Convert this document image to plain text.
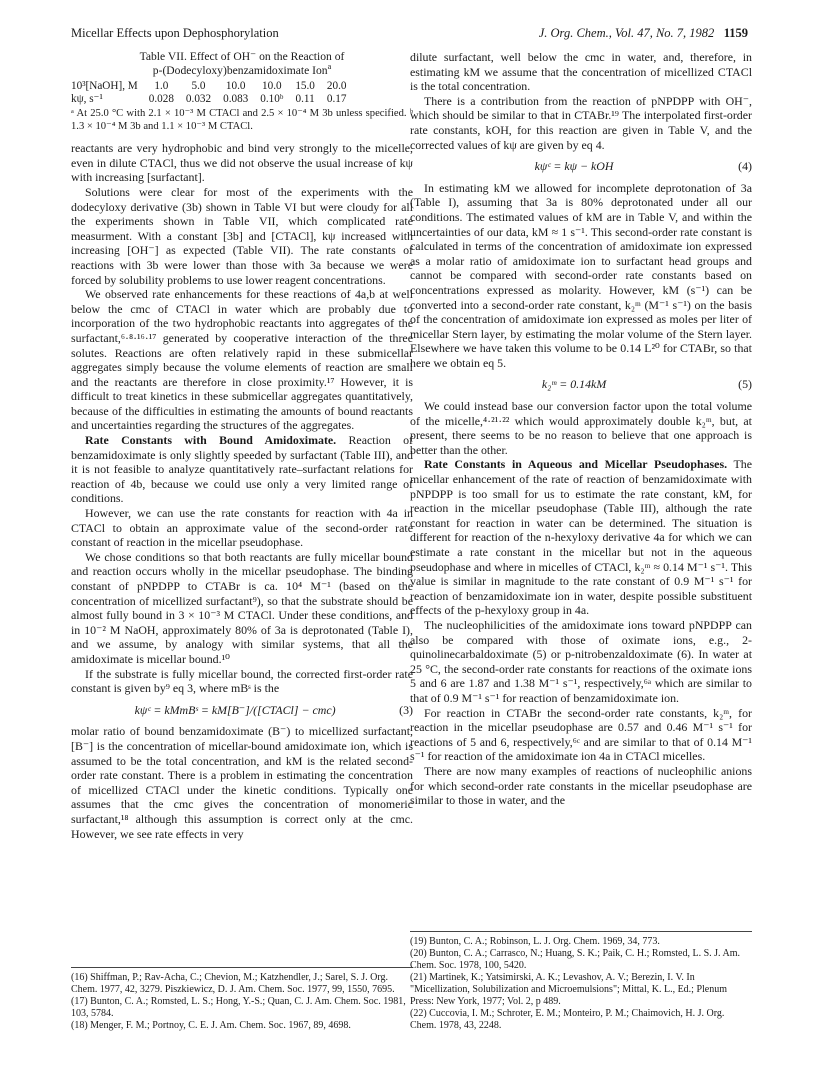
Micellar Effects upon Dephosphorylation	J. Org. Chem., Vol. 47, No. 7, 1982 1159
Table VII. Effect of OH⁻ on the Reaction of
p-(Dodecyloxy)benzamidoximate Ion$^a$
10³[NaOH], M	1.0	5.0	10.0	10.0	15.0	20.0
kψ, s⁻¹	0.028	0.032	0.083	0.10ᵇ	0.11	0.17
ᵃ At 25.0 °C with 2.1 × 10⁻³ M CTACl and 2.5 × 10⁻⁴ M 3b unless specified. ᵇ 1.3 × 10⁻⁴ M 3b and 1.1 × 10⁻³ M CTACl.

reactants are very hydrophobic and bind very strongly to the micelle, even in dilute CTACl, thus we did not observe the usual increase of kψ with increasing [surfactant].

Solutions were clear for most of the experiments with the dodecyloxy derivative (3b) shown in Table VI but were cloudy for all the experiments shown in Table VII, which complicated rate measurment. With a constant [3b] and [CTACl], kψ increased with increasing [OH⁻] as expected (Table VII). The rate constants of reactions with 3b were lower than those with 3a because we were forced by solubility problems to use lower reagent concentrations.

We observed rate enhancements for these reactions of 4a,b at well below the cmc of CTACl in water which are probably due to incorporation of the two hydrophobic reactants into aggregates of the surfactant,⁶·⁸·¹⁶·¹⁷ generated by cooperative interaction of the three solutes. Reactions are often relatively rapid in these submicellar aggregates simply because the volume elements of reaction are small and the reactants are therefore in close proximity.¹⁷ However, it is difficult to treat kinetics in these submicellar aggregates quantitatively, because of the difficulties in estimating the amounts of bound reactants and uncertainties regarding the structures of the aggregates.

Rate Constants with Bound Amidoximate. Reaction of benzamidoximate is only slightly speeded by surfactant (Table III), and it is not feasible to analyze quantitatively rate–surfactant relations for reaction of 4b, because we could use only a very limited range of conditions.

However, we can use the rate constants for reaction with 4a in CTACl to obtain an approximate value of the second-order rate constant of reaction in the micellar pseudophase.

We chose conditions so that both reactants are fully micellar bound and reaction occurs wholly in the micellar pseudophase. The binding constant of pNPDPP to CTABr is ca. 10⁴ M⁻¹ (based on the concentration of micellized surfactant⁹), so that the substrate should be almost fully bound in 3 × 10⁻³ M CTACl. Under these conditions, and in 10⁻² M NaOH, approximately 80% of 3a is deprotonated (Table I), and we assume, by analogy with similar systems, that all the amidoximate is micellar bound.¹⁰

If the substrate is fully micellar bound, the corrected first-order rate constant is given by⁹ eq 3, where mBˢ is the

kψᶜ = kMmBˢ = kM[B⁻]/([CTACl] − cmc)	(3)

molar ratio of bound benzamidoximate (B⁻) to micellized surfactant, [B⁻] is the concentration of micellar-bound amidoximate ion, which is assumed to be the total concentration, and kM is the related second-order rate constant. There is a problem in estimating the concentration of micellized CTACl under the kinetic conditions. Typically one assumes that the cmc gives the concentration of monomeric surfactant,¹⁸ although this assumption is correct only at the cmc. However, we see rate effects in very

dilute surfactant, well below the cmc in water, and, therefore, in estimating kM we assume that the concentration of micellized CTACl is the total concentration.

There is a contribution from the reaction of pNPDPP with OH⁻, which should be similar to that in CTABr.¹⁹ The interpolated first-order rate constants, kOH, for this reaction are given in Table V, and the corrected values of kψ are given by eq 4.

kψᶜ = kψ − kOH	(4)

In estimating kM we allowed for incomplete deprotonation of 3a (Table I), assuming that 3a is 80% deprotonated under all our conditions. The estimated values of kM are in Table V, and within the uncertainties of our data, kM ≈ 1 s⁻¹. This second-order rate constant is calculated in terms of the concentration of amidoximate ion expressed as a molar ratio of amidoximate ion to surfactant head groups and cannot be compared with second-order rate constants based on concentrations expressed as molarity. However, kM (s⁻¹) can be converted into a second-order rate constant, k₂ᵐ (M⁻¹ s⁻¹) on the basis of the concentration of amidoximate ion expressed as moles per liter of micellar Stern layer, by estimating the molar volume of the Stern layer. Elsewhere we have taken this volume to be 0.14 L²⁰ for CTABr, so that here we obtain eq 5.

k₂ᵐ = 0.14kM	(5)

We could instead base our conversion factor upon the total volume of the micelle,⁴·²¹·²² which would approximately double k₂ᵐ, but, at present, there seems to be no reason to believe that one approach is better than the other.

Rate Constants in Aqueous and Micellar Pseudophases. The micellar enhancement of the rate of reaction of benzamidoximate with pNPDPP is too small for us to estimate the rate constant, kM, for reaction in the micellar pseudophase (Table III), although the rate constant for reaction in water can be determined. The situation is different for reaction of the n-hexyloxy derivative 4a for which we can estimate a rate constant in the micellar but not in the aqueous pseudophase and where in micelles of CTACl, k₂ᵐ ≈ 0.14 M⁻¹ s⁻¹. This value is similar in magnitude to the rate constant of 0.9 M⁻¹ s⁻¹ for reaction of benzamidoximate ion in water, despite possible substituent effects of the p-hexyloxy group in 4a.

The nucleophilicities of the amidoximate ions toward pNPDPP can also be compared with those of oximate ions, e.g., 2-quinolinecarbaldoximate (5) or p-nitrobenzaldoximate (6). In water at 25 °C, the second-order rate constants for reactions of the oximate ions 5 and 6 are 1.87 and 1.38 M⁻¹ s⁻¹, respectively,⁶ᵃ which are similar to that of 0.9 M⁻¹ s⁻¹ for reaction of benzamidoximate ion.

For reaction in CTABr the second-order rate constants, k₂ᵐ, for reaction in the micellar pseudophase are 0.57 and 0.46 M⁻¹ s⁻¹ for reactions of 5 and 6, respectively,⁶ᶜ and are similar to that of 0.14 M⁻¹ s⁻¹ for reaction of the amidoximate ion 4a in CTACl micelles.

There are now many examples of reactions of nucleophilic anions for which second-order rate constants in the micellar pseudophase are similar to those in water, and the

(16) Shiffman, P.; Rav-Acha, C.; Chevion, M.; Katzhendler, J.; Sarel, S. J. Org. Chem. 1977, 42, 3279. Piszkiewicz, D. J. Am. Chem. Soc. 1977, 99, 1550, 7695.
(17) Bunton, C. A.; Romsted, L. S.; Hong, Y.-S.; Quan, C. J. Am. Chem. Soc. 1981, 103, 5784.
(18) Menger, F. M.; Portnoy, C. E. J. Am. Chem. Soc. 1967, 89, 4698.
(19) Bunton, C. A.; Robinson, L. J. Org. Chem. 1969, 34, 773.
(20) Bunton, C. A.; Carrasco, N.; Huang, S. K.; Paik, C. H.; Romsted, L. S. J. Am. Chem. Soc. 1978, 100, 5420.
(21) Martinek, K.; Yatsimirski, A. K.; Levashov, A. V.; Berezin, I. V. In "Micellization, Solubilization and Microemulsions"; Mittal, K. L., Ed.; Plenum Press: New York, 1977; Vol. 2, p 489.
(22) Cuccovia, I. M.; Schroter, E. M.; Monteiro, P. M.; Chaimovich, H. J. Org. Chem. 1978, 43, 2248.
